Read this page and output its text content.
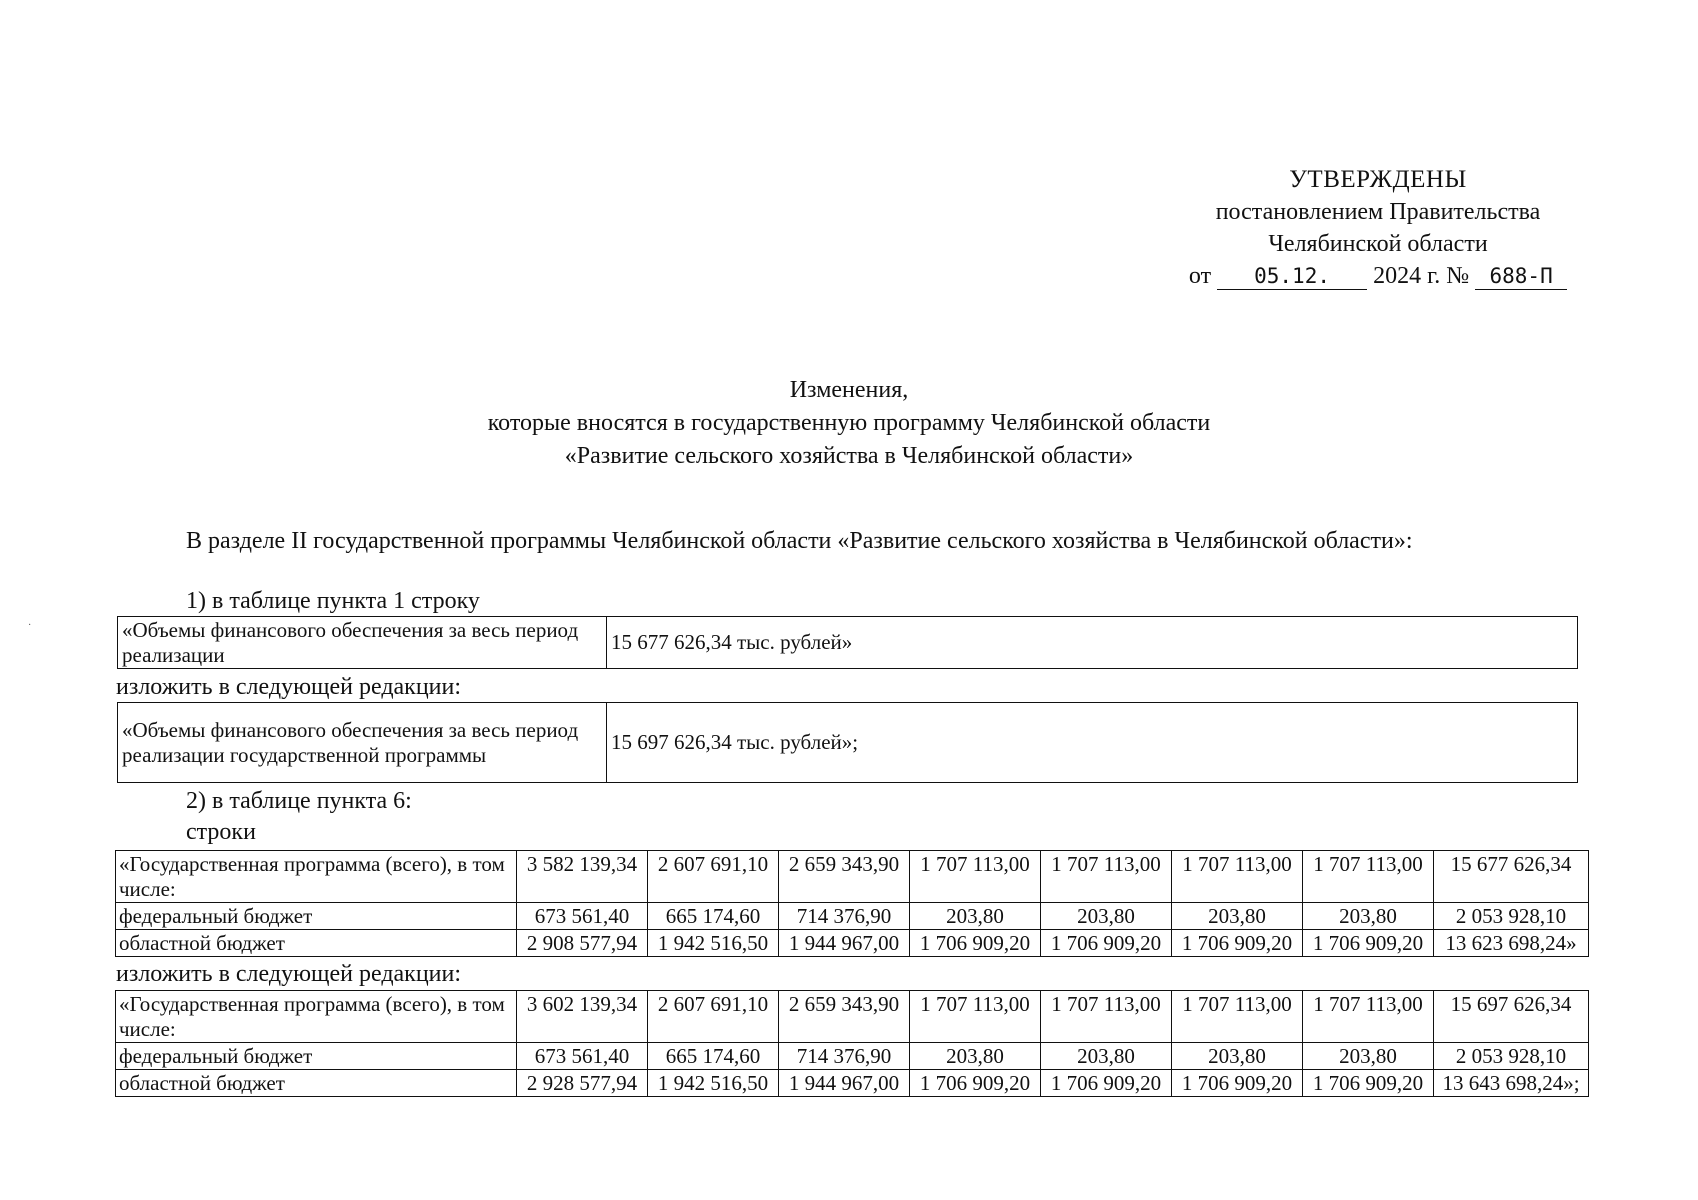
·
УТВЕРЖДЕНЫ
постановлением Правительства
Челябинской области
от 05.12. 2024 г. № 688-П
Изменения,
которые вносятся в государственную программу Челябинской области
«Развитие сельского хозяйства в Челябинской области»
В разделе II государственной программы Челябинской области «Развитие сельского хозяйства в Челябинской области»:
1) в таблице пункта 1 строку
«Объемы финансового обеспечения за весь период реализации	15 677 626,34 тыс. рублей»
изложить в следующей редакции:
«Объемы финансового обеспечения за весь период реализации государственной программы	15 697 626,34 тыс. рублей»;
2) в таблице пункта 6:
строки
«Государственная программа (всего), в том числе:	3 582 139,34	2 607 691,10	2 659 343,90	1 707 113,00	1 707 113,00	1 707 113,00	1 707 113,00	15 677 626,34
федеральный бюджет	673 561,40	665 174,60	714 376,90	203,80	203,80	203,80	203,80	2 053 928,10
областной бюджет	2 908 577,94	1 942 516,50	1 944 967,00	1 706 909,20	1 706 909,20	1 706 909,20	1 706 909,20	13 623 698,24»
изложить в следующей редакции:
«Государственная программа (всего), в том числе:	3 602 139,34	2 607 691,10	2 659 343,90	1 707 113,00	1 707 113,00	1 707 113,00	1 707 113,00	15 697 626,34
федеральный бюджет	673 561,40	665 174,60	714 376,90	203,80	203,80	203,80	203,80	2 053 928,10
областной бюджет	2 928 577,94	1 942 516,50	1 944 967,00	1 706 909,20	1 706 909,20	1 706 909,20	1 706 909,20	13 643 698,24»;
